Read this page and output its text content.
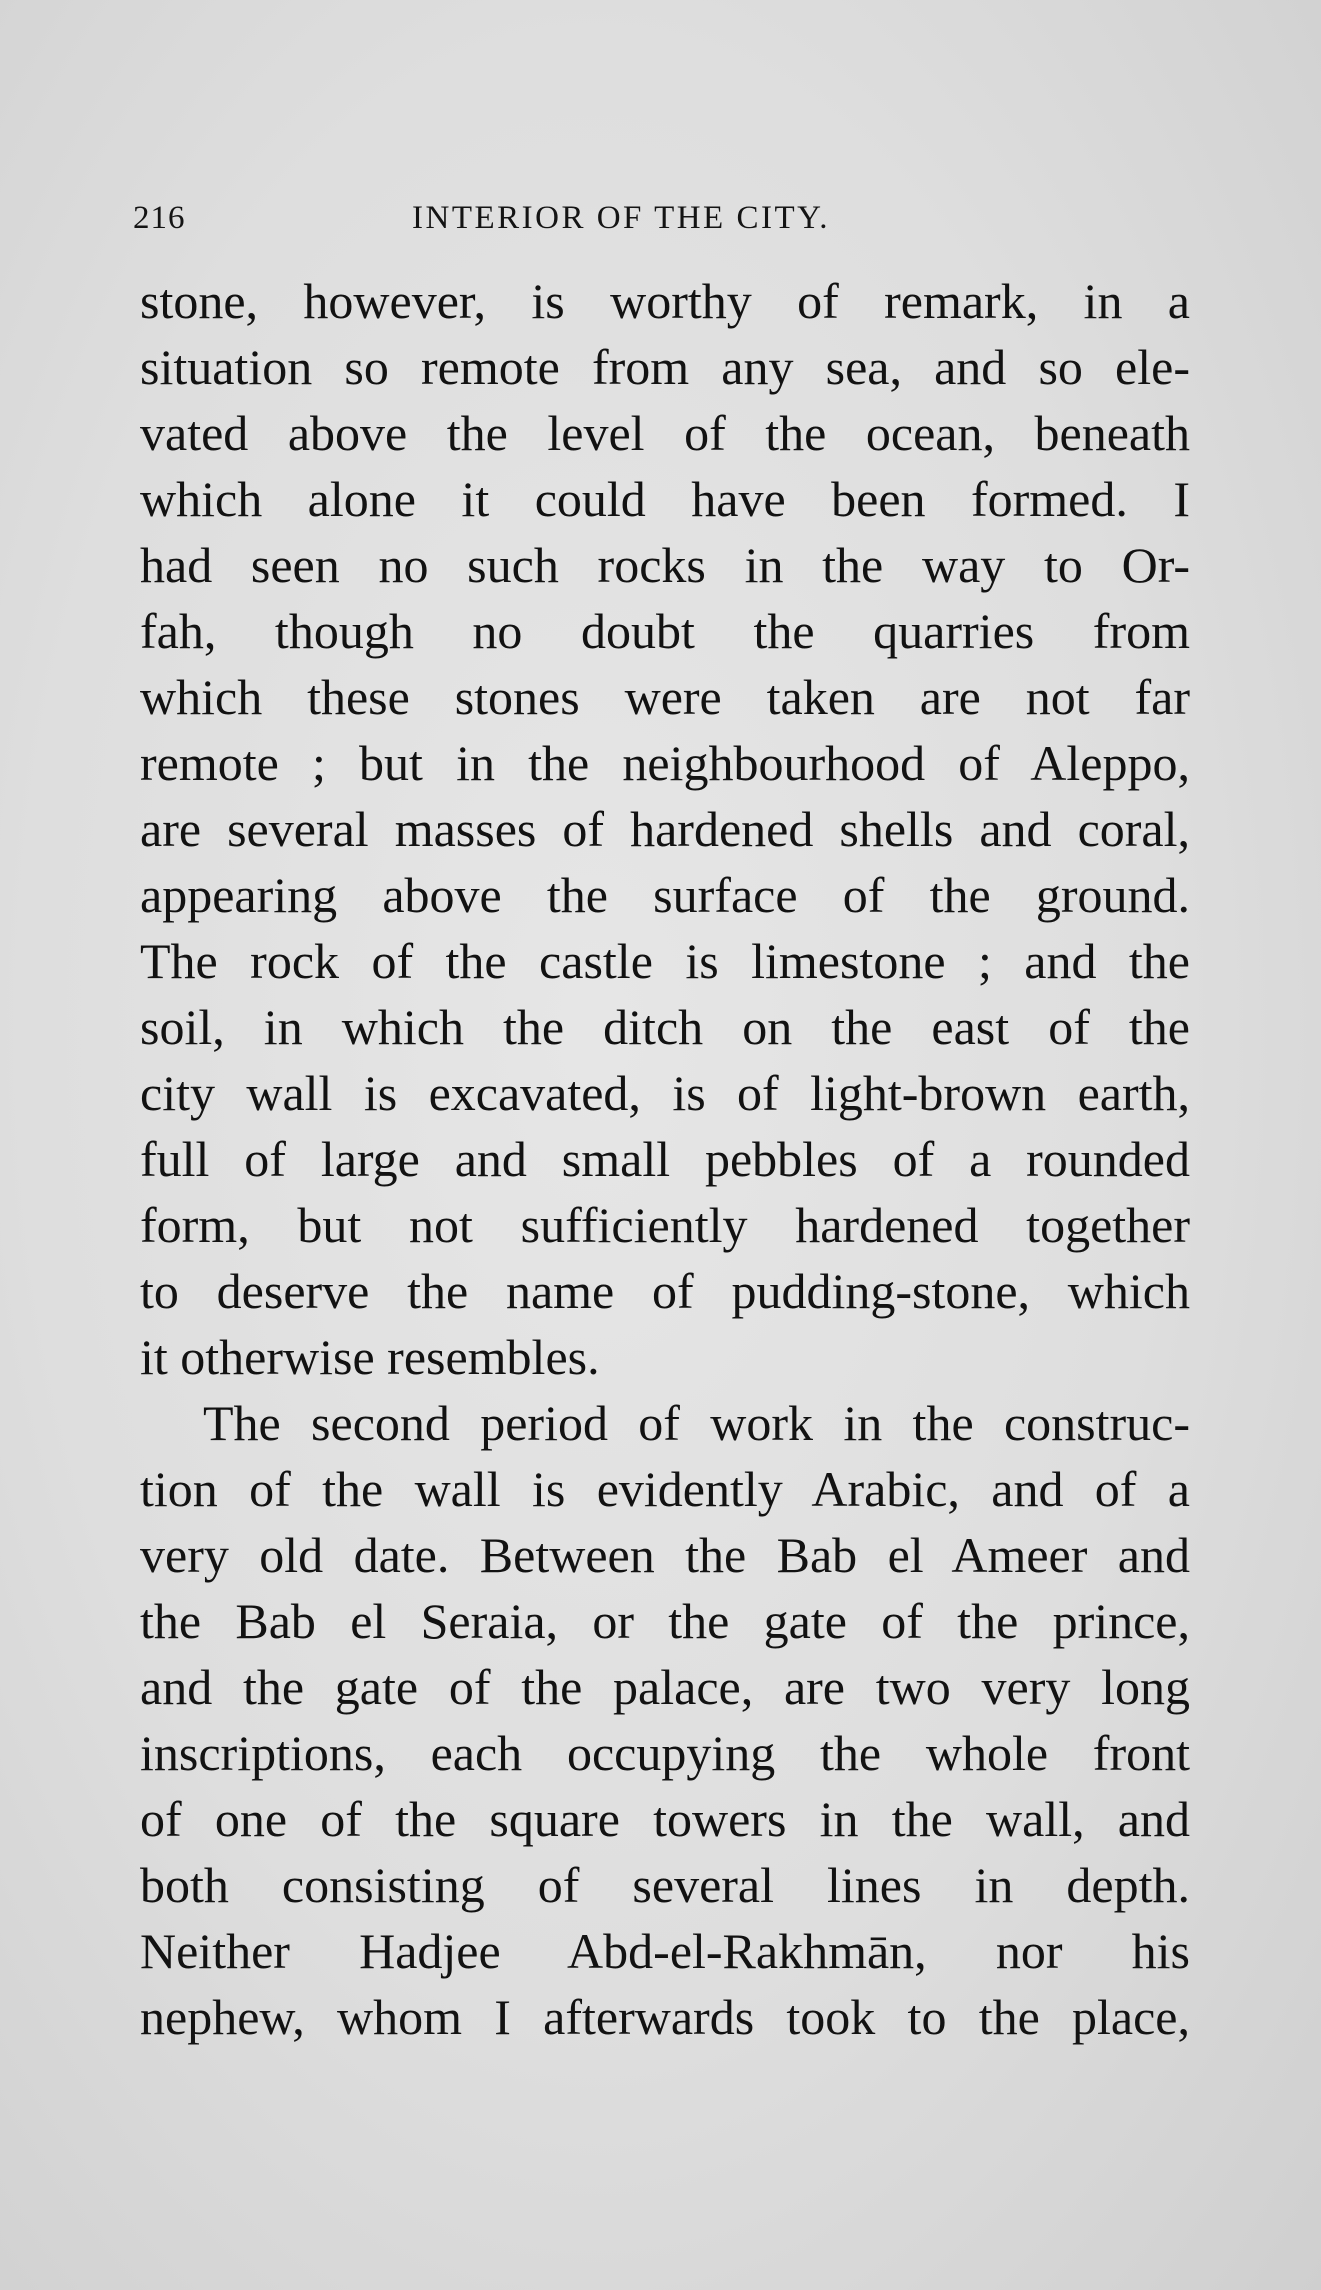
216	INTERIOR OF THE CITY.

stone, however, is worthy of remark, in a
situation so remote from any sea, and so ele-
vated above the level of the ocean, beneath
which alone it could have been formed. I
had seen no such rocks in the way to Or-
fah, though no doubt the quarries from
which these stones were taken are not far
remote ; but in the neighbourhood of Aleppo,
are several masses of hardened shells and coral,
appearing above the surface of the ground.
The rock of the castle is limestone ; and the
soil, in which the ditch on the east of the
city wall is excavated, is of light-brown earth,
full of large and small pebbles of a rounded
form, but not sufficiently hardened together
to deserve the name of pudding-stone, which
it otherwise resembles.

The second period of work in the construc-
tion of the wall is evidently Arabic, and of a
very old date. Between the Bab el Ameer and
the Bab el Seraia, or the gate of the prince,
and the gate of the palace, are two very long
inscriptions, each occupying the whole front
of one of the square towers in the wall, and
both consisting of several lines in depth.
Neither Hadjee Abd-el-Rakhmān, nor his
nephew, whom I afterwards took to the place,
